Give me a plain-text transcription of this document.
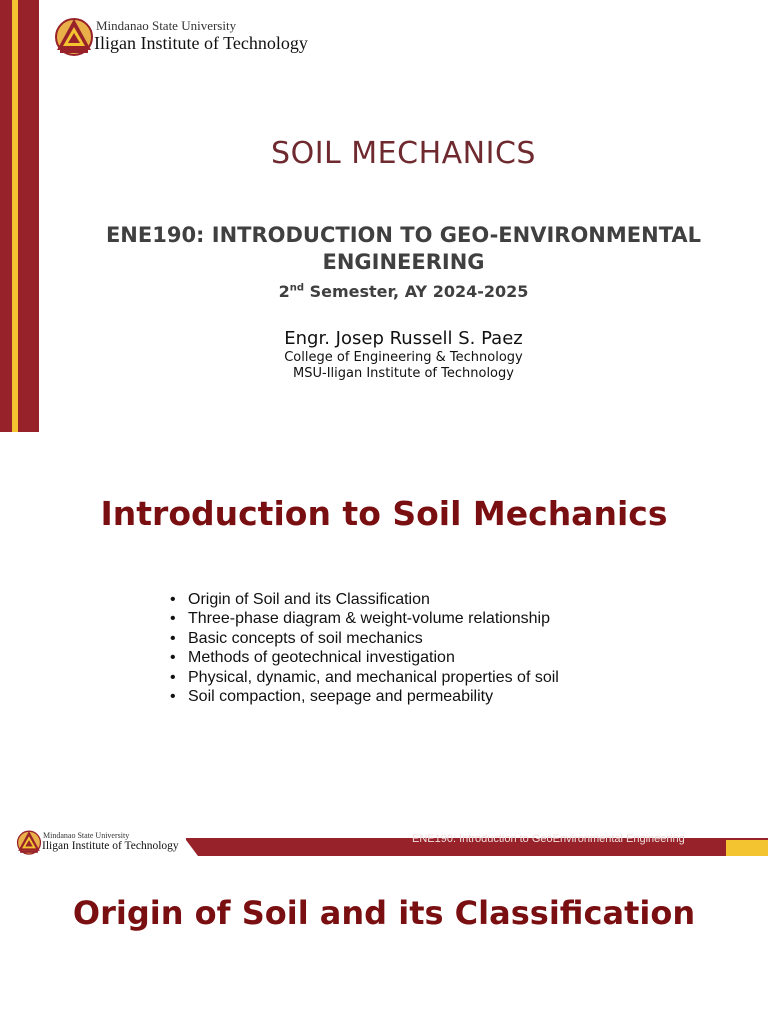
Mindanao State University
Iligan Institute of Technology
SOIL MECHANICS
ENE190: INTRODUCTION TO GEO-ENVIRONMENTAL ENGINEERING
2nd Semester, AY 2024-2025
Engr. Josep Russell S. Paez
College of Engineering & Technology
MSU-Iligan Institute of Technology
Introduction to Soil Mechanics
• Origin of Soil and its Classification
• Three-phase diagram & weight-volume relationship
• Basic concepts of soil mechanics
• Methods of geotechnical investigation
• Physical, dynamic, and mechanical properties of soil
• Soil compaction, seepage and permeability
ENE190: Introduction to GeoEnvironmental Engineering
Mindanao State University
Iligan Institute of Technology
Origin of Soil and its Classification
